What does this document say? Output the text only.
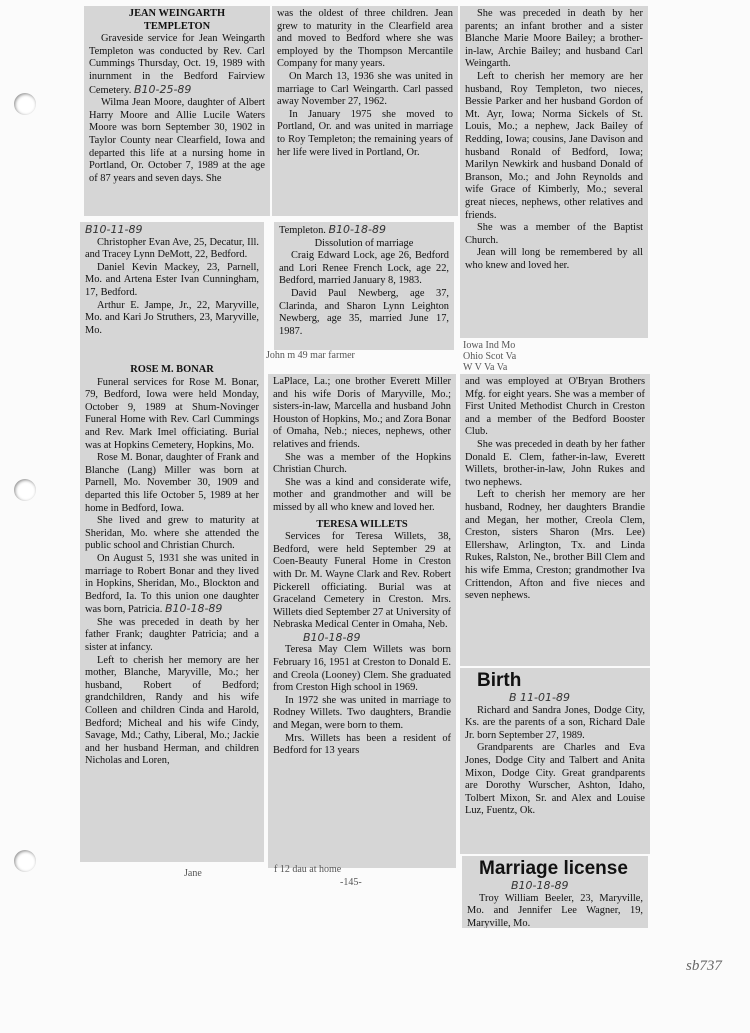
JEAN WEINGARTH

TEMPLETON

Graveside service for Jean Weingarth Templeton was conducted by Rev. Carl Cummings Thursday, Oct. 19, 1989 with inurnment in the Bedford Fairview Cemetery. B10-25-89

Wilma Jean Moore, daughter of Albert Harry Moore and Allie Lucile Waters Moore was born September 30, 1902 in Taylor County near Clearfield, Iowa and departed this life at a nursing home in Portland, Or. October 7, 1989 at the age of 87 years and seven days. She

was the oldest of three children. Jean grew to maturity in the Clearfield area and moved to Bedford where she was employed by the Thompson Mercantile Company for many years.

On March 13, 1936 she was united in marriage to Carl Weingarth. Carl passed away November 27, 1962.

In January 1975 she moved to Portland, Or. and was united in marriage to Roy Templeton; the remaining years of her life were lived in Portland, Or.

She was preceded in death by her parents; an infant brother and a sister Blanche Marie Moore Bailey; a brother-in-law, Archie Bailey; and husband Carl Weingarth.

Left to cherish her memory are her husband, Roy Templeton, two nieces, Bessie Parker and her husband Gordon of Mt. Ayr, Iowa; Norma Sickels of St. Louis, Mo.; a nephew, Jack Bailey of Redding, Iowa; cousins, Jane Davison and husband Ronald of Bedford, Iowa; Marilyn Newkirk and husband Donald of Branson, Mo.; and John Reynolds and wife Grace of Kimberly, Mo.; several great nieces, nephews, other relatives and friends.

She was a member of the Baptist Church.

Jean will long be remembered by all who knew and loved her.

B10-11-89

Christopher Evan Ave, 25, Decatur, Ill. and Tracey Lynn DeMott, 22, Bedford.

Daniel Kevin Mackey, 23, Parnell, Mo. and Artena Ester Ivan Cunningham, 17, Bedford.

Arthur E. Jampe, Jr., 22, Maryville, Mo. and Kari Jo Struthers, 23, Maryville, Mo.

Templeton. B10-18-89

Dissolution of marriage

Craig Edward Lock, age 26, Bedford and Lori Renee French Lock, age 22, Bedford, married January 8, 1983.

David Paul Newberg, age 37, Clarinda, and Sharon Lynn Leighton Newberg, age 35, married June 17, 1987.

John m 49 mar farmer
Iowa Ind Mo
Ohio Scot Va
W V Va Va

ROSE M. BONAR

Funeral services for Rose M. Bonar, 79, Bedford, Iowa were held Monday, October 9, 1989 at Shum-Novinger Funeral Home with Rev. Carl Cummings and Rev. Mark Imel officiating. Burial was at Hopkins Cemetery, Hopkins, Mo.

Rose M. Bonar, daughter of Frank and Blanche (Lang) Miller was born at Parnell, Mo. November 30, 1909 and departed this life October 5, 1989 at her home in Bedford, Iowa.

She lived and grew to maturity at Sheridan, Mo. where she attended the public school and Christian Church.

On August 5, 1931 she was united in marriage to Robert Bonar and they lived in Hopkins, Sheridan, Mo., Blockton and Bedford, Ia. To this union one daughter was born, Patricia. B10-18-89

She was preceded in death by her father Frank; daughter Patricia; and a sister at infancy.

Left to cherish her memory are her mother, Blanche, Maryville, Mo.; her husband, Robert of Bedford; grandchildren, Randy and his wife Colleen and children Cinda and Harold, Bedford; Micheal and his wife Cindy, Savage, Md.; Cathy, Liberal, Mo.; Jackie and her husband Herman, and children Nicholas and Loren,

LaPlace, La.; one brother Everett Miller and his wife Doris of Maryville, Mo.; sisters-in-law, Marcella and husband John Houston of Hopkins, Mo.; and Zora Bonar of Omaha, Neb.; nieces, nephews, other relatives and friends.

She was a member of the Hopkins Christian Church.

She was a kind and considerate wife, mother and grandmother and will be missed by all who knew and loved her.

TERESA WILLETS

Services for Teresa Willets, 38, Bedford, were held September 29 at Coen-Beauty Funeral Home in Creston with Dr. M. Wayne Clark and Rev. Robert Pickerell officiating. Burial was at Graceland Cemetery in Creston. Mrs. Willets died September 27 at University of Nebraska Medical Center in Omaha, Neb.

B10-18-89

Teresa May Clem Willets was born February 16, 1951 at Creston to Donald E. and Creola (Looney) Clem. She graduated from Creston High school in 1969.

In 1972 she was united in marriage to Rodney Willets. Two daughters, Brandie and Megan, were born to them.

Mrs. Willets has been a resident of Bedford for 13 years

and was employed at O'Bryan Brothers Mfg. for eight years. She was a member of First United Methodist Church in Creston and a member of the Bedford Booster Club.

She was preceded in death by her father Donald E. Clem, father-in-law, Everett Willets, brother-in-law, John Rukes and two nephews.

Left to cherish her memory are her husband, Rodney, her daughters Brandie and Megan, her mother, Creola Clem, Creston, sisters Sharon (Mrs. Lee) Ellershaw, Arlington, Tx. and Linda Rukes, Ralston, Ne., brother Bill Clem and his wife Emma, Creston; grandmother Iva Crittendon, Afton and five nieces and seven nephews.

Birth

B 11-01-89

Richard and Sandra Jones, Dodge City, Ks. are the parents of a son, Richard Dale Jr. born September 27, 1989.

Grandparents are Charles and Eva Jones, Dodge City and Talbert and Anita Mixon, Dodge City. Great grandparents are Dorothy Wurscher, Ashton, Idaho, Tolbert Mixon, Sr. and Alex and Louise Luz, Fuentz, Ok.

Marriage license

B10-18-89

Troy William Beeler, 23, Maryville, Mo. and Jennifer Lee Wagner, 19, Maryville, Mo.

Jane	f 12 dau at home
-145-
sb737
